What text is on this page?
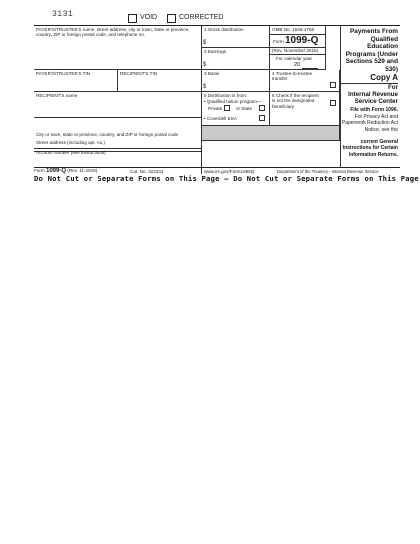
3131	VOID	CORRECTED
PAYER'S/TRUSTEE'S name, street address, city or town, state or province, country, ZIP or foreign postal code, and telephone no.
1 Gross distribution
$
2 Earnings
$
OMB No. 1545-1760
Form 1099-Q
(Rev. November 2019)
For calendar year
20
PAYER'S/TRUSTEE'S TIN	RECIPIENT'S TIN	3 Basis
$
4 Trustee-to-trustee transfer
RECIPIENT'S name	5 Distribution is from:
• Qualified tuition program—
Private	or State
• Coverdell ESA
6 Check if the recipient is not the designated beneficiary
Street address (including apt. no.)
City or town, state or province, country, and ZIP or foreign postal code
Account number (see instructions)
Payments From Qualified Education Programs (Under Sections 529 and 530)
Copy A
For
Internal Revenue Service Center
File with Form 1096.
For Privacy Act and Paperwork Reduction Act Notice, see the
current General Instructions for Certain Information Returns.
Form 1099-Q (Rev. 11-2019)	Cat. No. 32223J	www.irs.gov/Form1099Q	Department of the Treasury - Internal Revenue Service
Do Not Cut or Separate Forms on This Page — Do Not Cut or Separate Forms on This Page
